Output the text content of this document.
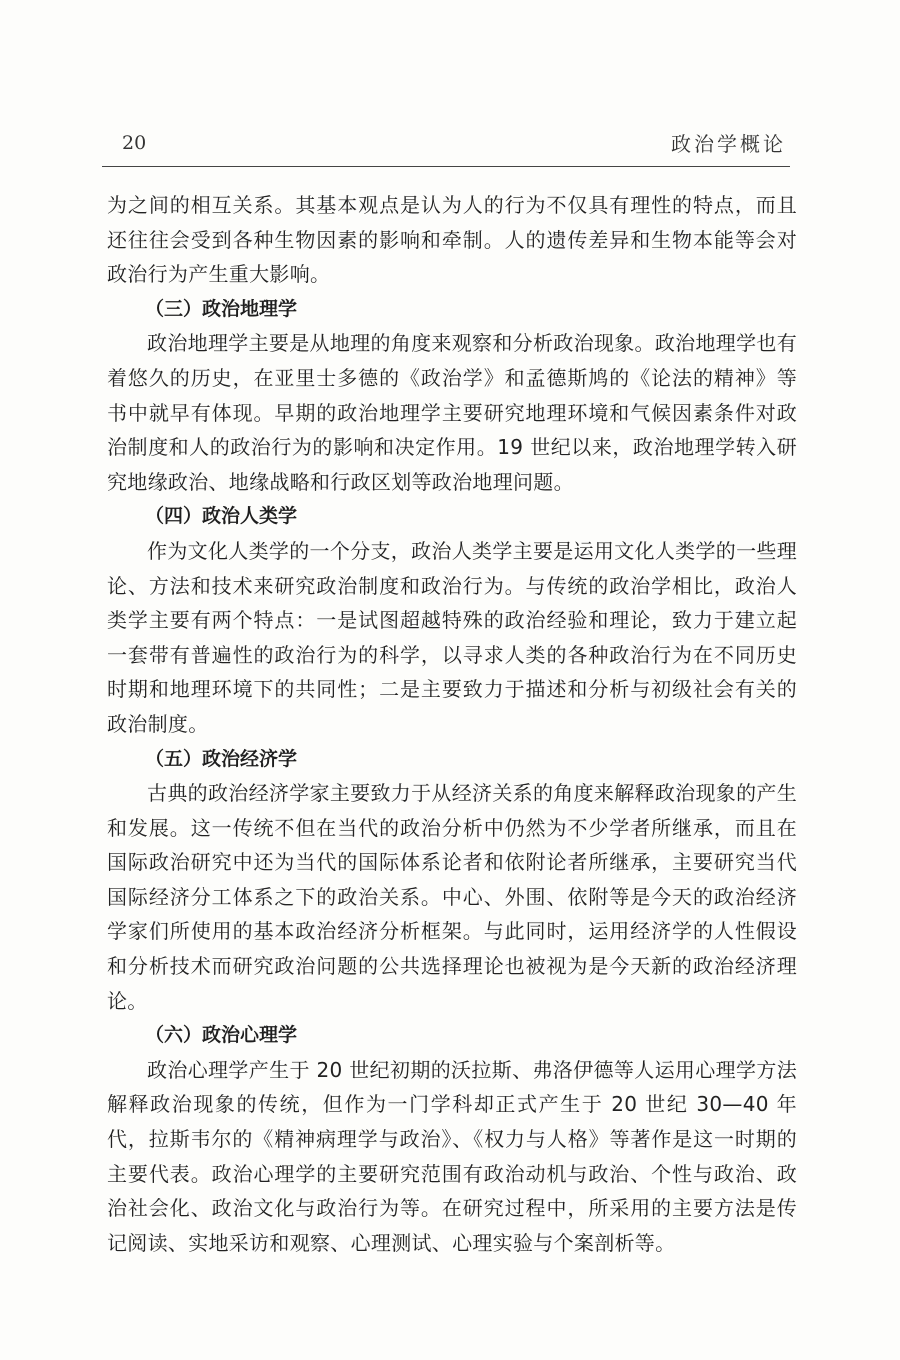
20	政治学概论

为之间的相互关系。其基本观点是认为人的行为不仅具有理性的特点，而且还往往会受到各种生物因素的影响和牵制。人的遗传差异和生物本能等会对政治行为产生重大影响。

（三）政治地理学

政治地理学主要是从地理的角度来观察和分析政治现象。政治地理学也有着悠久的历史，在亚里士多德的《政治学》和孟德斯鸠的《论法的精神》等书中就早有体现。早期的政治地理学主要研究地理环境和气候因素条件对政治制度和人的政治行为的影响和决定作用。19 世纪以来，政治地理学转入研究地缘政治、地缘战略和行政区划等政治地理问题。

（四）政治人类学

作为文化人类学的一个分支，政治人类学主要是运用文化人类学的一些理论、方法和技术来研究政治制度和政治行为。与传统的政治学相比，政治人类学主要有两个特点：一是试图超越特殊的政治经验和理论，致力于建立起一套带有普遍性的政治行为的科学，以寻求人类的各种政治行为在不同历史时期和地理环境下的共同性；二是主要致力于描述和分析与初级社会有关的政治制度。

（五）政治经济学

古典的政治经济学家主要致力于从经济关系的角度来解释政治现象的产生和发展。这一传统不但在当代的政治分析中仍然为不少学者所继承，而且在国际政治研究中还为当代的国际体系论者和依附论者所继承，主要研究当代国际经济分工体系之下的政治关系。中心、外围、依附等是今天的政治经济学家们所使用的基本政治经济分析框架。与此同时，运用经济学的人性假设和分析技术而研究政治问题的公共选择理论也被视为是今天新的政治经济理论。

（六）政治心理学

政治心理学产生于 20 世纪初期的沃拉斯、弗洛伊德等人运用心理学方法解释政治现象的传统，但作为一门学科却正式产生于 20 世纪 30—40 年代，拉斯韦尔的《精神病理学与政治》、《权力与人格》等著作是这一时期的主要代表。政治心理学的主要研究范围有政治动机与政治、个性与政治、政治社会化、政治文化与政治行为等。在研究过程中，所采用的主要方法是传记阅读、实地采访和观察、心理测试、心理实验与个案剖析等。
